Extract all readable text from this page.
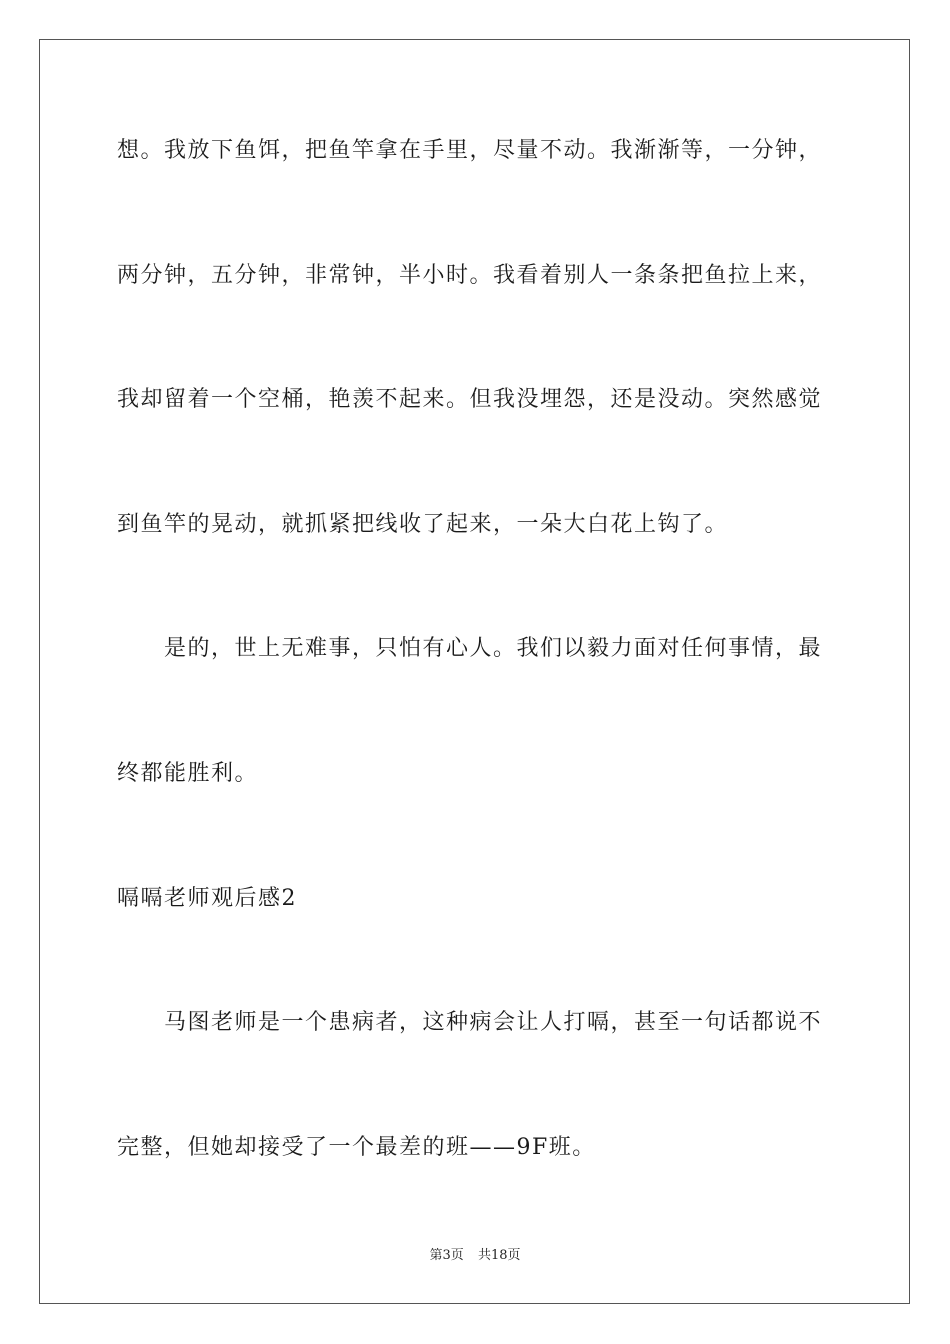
想。我放下鱼饵，把鱼竿拿在手里，尽量不动。我渐渐等，一分钟，
两分钟，五分钟，非常钟，半小时。我看着别人一条条把鱼拉上来，
我却留着一个空桶，艳羡不起来。但我没埋怨，还是没动。突然感觉
到鱼竿的晃动，就抓紧把线收了起来，一朵大白花上钩了。
　　是的，世上无难事，只怕有心人。我们以毅力面对任何事情，最
终都能胜利。
嗝嗝老师观后感2
　　马图老师是一个患病者，这种病会让人打嗝，甚至一句话都说不
完整，但她却接受了一个最差的班——9F班。
第3页 共18页
